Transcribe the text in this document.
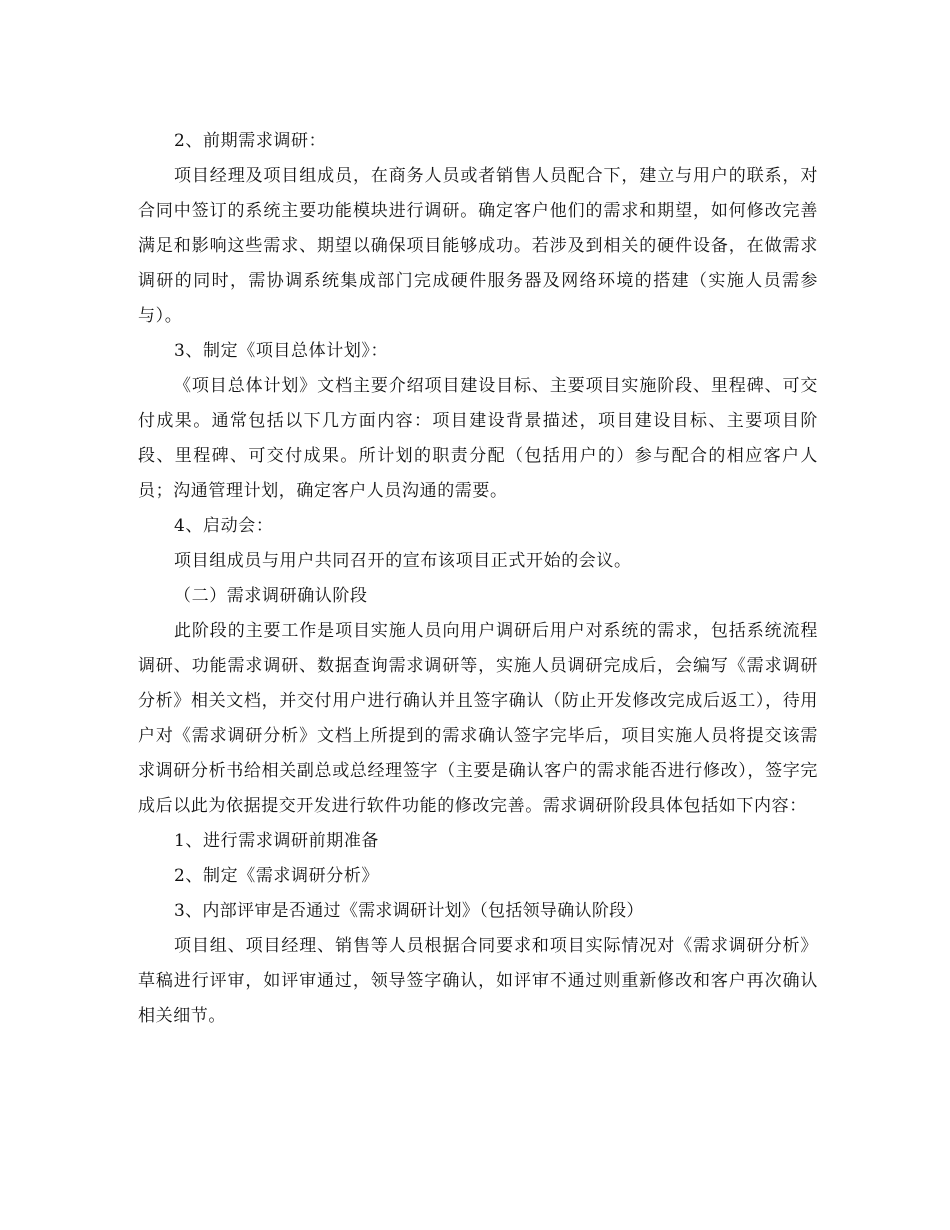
2、前期需求调研：

项目经理及项目组成员，在商务人员或者销售人员配合下，建立与用户的联系，对合同中签订的系统主要功能模块进行调研。确定客户他们的需求和期望，如何修改完善满足和影响这些需求、期望以确保项目能够成功。若涉及到相关的硬件设备，在做需求调研的同时，需协调系统集成部门完成硬件服务器及网络环境的搭建（实施人员需参与）。

3、制定《项目总体计划》：

《项目总体计划》文档主要介绍项目建设目标、主要项目实施阶段、里程碑、可交付成果。通常包括以下几方面内容：项目建设背景描述，项目建设目标、主要项目阶段、里程碑、可交付成果。所计划的职责分配（包括用户的）参与配合的相应客户人员；沟通管理计划，确定客户人员沟通的需要。

4、启动会：

项目组成员与用户共同召开的宣布该项目正式开始的会议。

（二）需求调研确认阶段

此阶段的主要工作是项目实施人员向用户调研后用户对系统的需求，包括系统流程调研、功能需求调研、数据查询需求调研等，实施人员调研完成后，会编写《需求调研分析》相关文档，并交付用户进行确认并且签字确认（防止开发修改完成后返工），待用户对《需求调研分析》文档上所提到的需求确认签字完毕后，项目实施人员将提交该需求调研分析书给相关副总或总经理签字（主要是确认客户的需求能否进行修改），签字完成后以此为依据提交开发进行软件功能的修改完善。需求调研阶段具体包括如下内容：

1、进行需求调研前期准备

2、制定《需求调研分析》

3、内部评审是否通过《需求调研计划》（包括领导确认阶段）

项目组、项目经理、销售等人员根据合同要求和项目实际情况对《需求调研分析》草稿进行评审，如评审通过，领导签字确认，如评审不通过则重新修改和客户再次确认相关细节。
